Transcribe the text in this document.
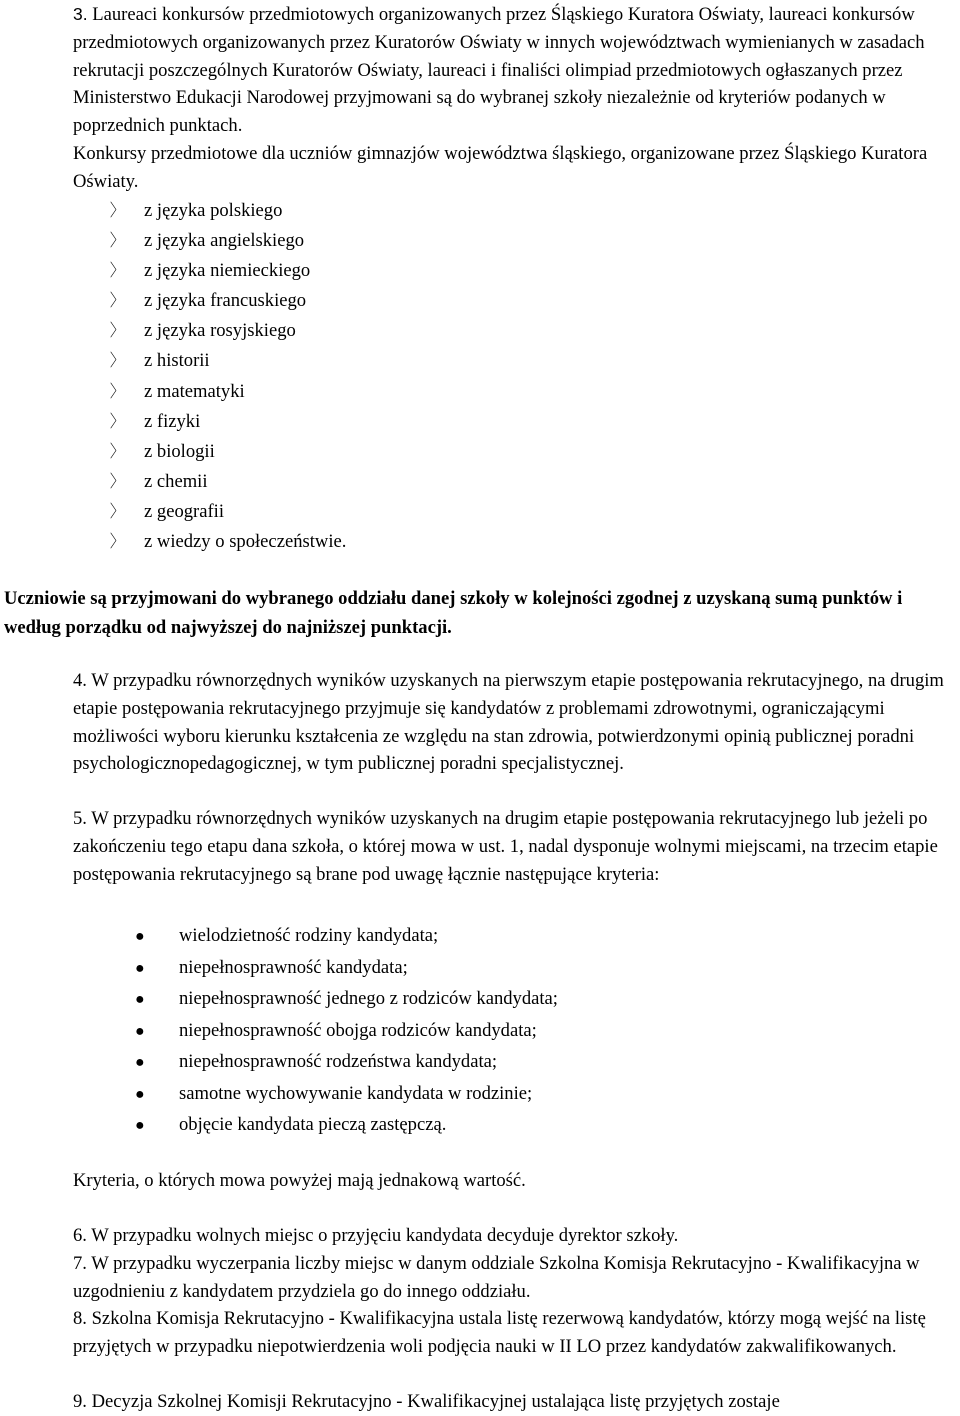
3. Laureaci konkursów przedmiotowych organizowanych przez Śląskiego Kuratora Oświaty, laureaci konkursów przedmiotowych organizowanych przez Kuratorów Oświaty w innych województwach wymienianych w zasadach rekrutacji poszczególnych Kuratorów Oświaty, laureaci i finaliści olimpiad przedmiotowych ogłaszanych przez Ministerstwo Edukacji Narodowej przyjmowani są do wybranej szkoły niezależnie od kryteriów podanych w poprzednich punktach.
Konkursy przedmiotowe dla uczniów gimnazjów województwa śląskiego, organizowane przez Śląskiego Kuratora Oświaty.

〉 z języka polskiego
〉 z języka angielskiego
〉 z języka niemieckiego
〉 z języka francuskiego
〉 z języka rosyjskiego
〉 z historii
〉 z matematyki
〉 z fizyki
〉 z biologii
〉 z chemii
〉 z geografii
〉 z wiedzy o społeczeństwie.

Uczniowie są przyjmowani do wybranego oddziału danej szkoły w kolejności zgodnej z uzyskaną sumą punktów i według porządku od najwyższej do najniższej punktacji.

4. W przypadku równorzędnych wyników uzyskanych na pierwszym etapie postępowania rekrutacyjnego, na drugim etapie postępowania rekrutacyjnego przyjmuje się kandydatów z problemami zdrowotnymi, ograniczającymi możliwości wyboru kierunku kształcenia ze względu na stan zdrowia, potwierdzonymi opinią publicznej poradni psychologicznopedagogicznej, w tym publicznej poradni specjalistycznej.

5. W przypadku równorzędnych wyników uzyskanych na drugim etapie postępowania rekrutacyjnego lub jeżeli po zakończeniu tego etapu dana szkoła, o której mowa w ust. 1, nadal dysponuje wolnymi miejscami, na trzecim etapie postępowania rekrutacyjnego są brane pod uwagę łącznie następujące kryteria:

● wielodzietność rodziny kandydata;
● niepełnosprawność kandydata;
● niepełnosprawność jednego z rodziców kandydata;
● niepełnosprawność obojga rodziców kandydata;
● niepełnosprawność rodzeństwa kandydata;
● samotne wychowywanie kandydata w rodzinie;
● objęcie kandydata pieczą zastępczą.

Kryteria, o których mowa powyżej mają jednakową wartość.

6. W przypadku wolnych miejsc o przyjęciu kandydata decyduje dyrektor szkoły.

7. W przypadku wyczerpania liczby miejsc w danym oddziale Szkolna Komisja Rekrutacyjno - Kwalifikacyjna w uzgodnieniu z kandydatem przydziela go do innego oddziału.

8. Szkolna Komisja Rekrutacyjno - Kwalifikacyjna ustala listę rezerwową kandydatów, którzy mogą wejść na listę przyjętych w przypadku niepotwierdzenia woli podjęcia nauki w II LO przez kandydatów zakwalifikowanych.

9. Decyzja Szkolnej Komisji Rekrutacyjno - Kwalifikacyjnej ustalająca listę przyjętych zostaje
